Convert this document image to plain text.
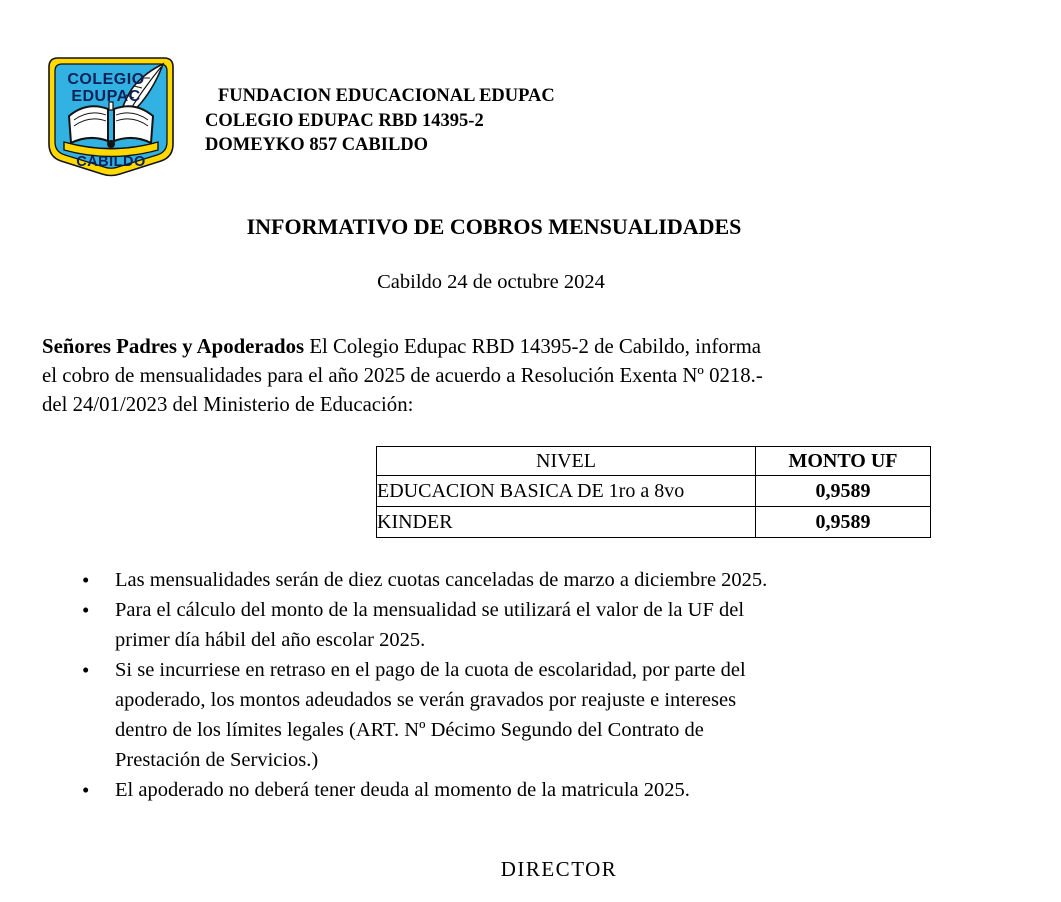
COLEGIO
EDUPAC
CABILDO
FUNDACION EDUCACIONAL EDUPAC
COLEGIO EDUPAC RBD 14395-2
DOMEYKO 857 CABILDO
INFORMATIVO DE COBROS MENSUALIDADES
Cabildo 24 de octubre 2024
Señores Padres y Apoderados El Colegio Edupac RBD 14395-2 de Cabildo, informa
el cobro de mensualidades para el año 2025 de acuerdo a Resolución Exenta Nº 0218.-
del 24/01/2023 del Ministerio de Educación:
NIVEL	MONTO UF
EDUCACION BASICA DE 1ro a 8vo	0,9589
KINDER	0,9589
• Las mensualidades serán de diez cuotas canceladas de marzo a diciembre 2025.
• Para el cálculo del monto de la mensualidad se utilizará el valor de la UF del
primer día hábil del año escolar 2025.
• Si se incurriese en retraso en el pago de la cuota de escolaridad, por parte del
apoderado, los montos adeudados se verán gravados por reajuste e intereses
dentro de los límites legales (ART. Nº Décimo Segundo del Contrato de
Prestación de Servicios.)
• El apoderado no deberá tener deuda al momento de la matricula 2025.
DIRECTOR
